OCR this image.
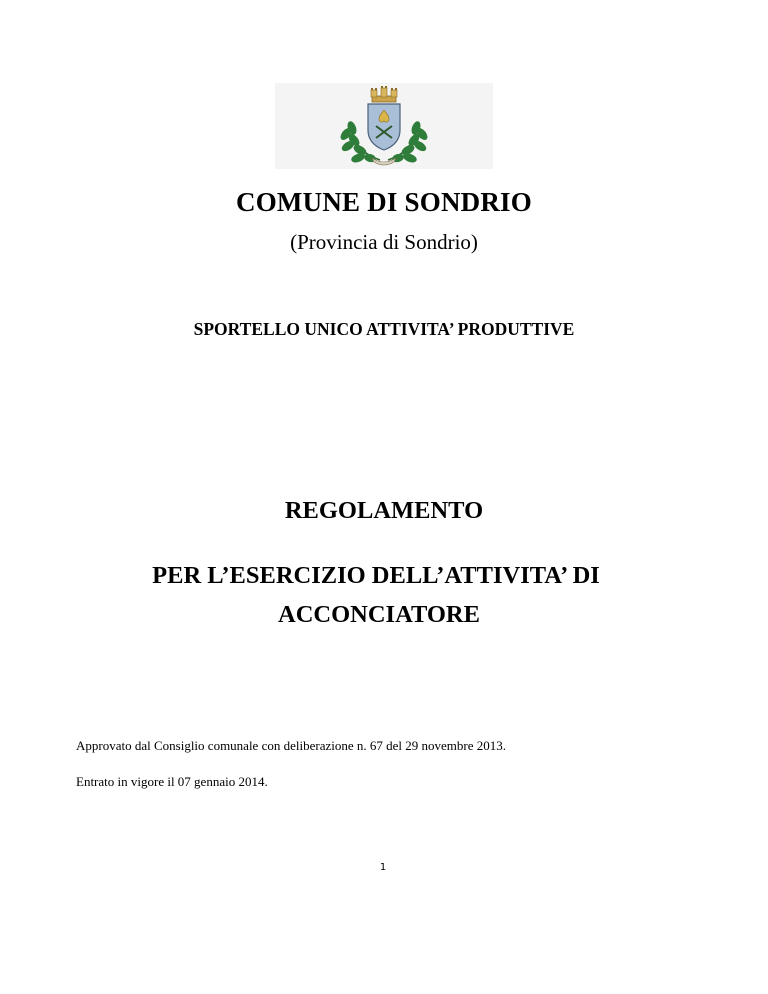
COMUNE DI SONDRIO
(Provincia di Sondrio)
SPORTELLO UNICO ATTIVITA’ PRODUTTIVE
REGOLAMENTO
PER L’ESERCIZIO DELL’ATTIVITA’ DI
ACCONCIATORE
Approvato dal Consiglio comunale con deliberazione n. 67 del 29 novembre 2013.
Entrato in vigore il 07 gennaio 2014.
1
